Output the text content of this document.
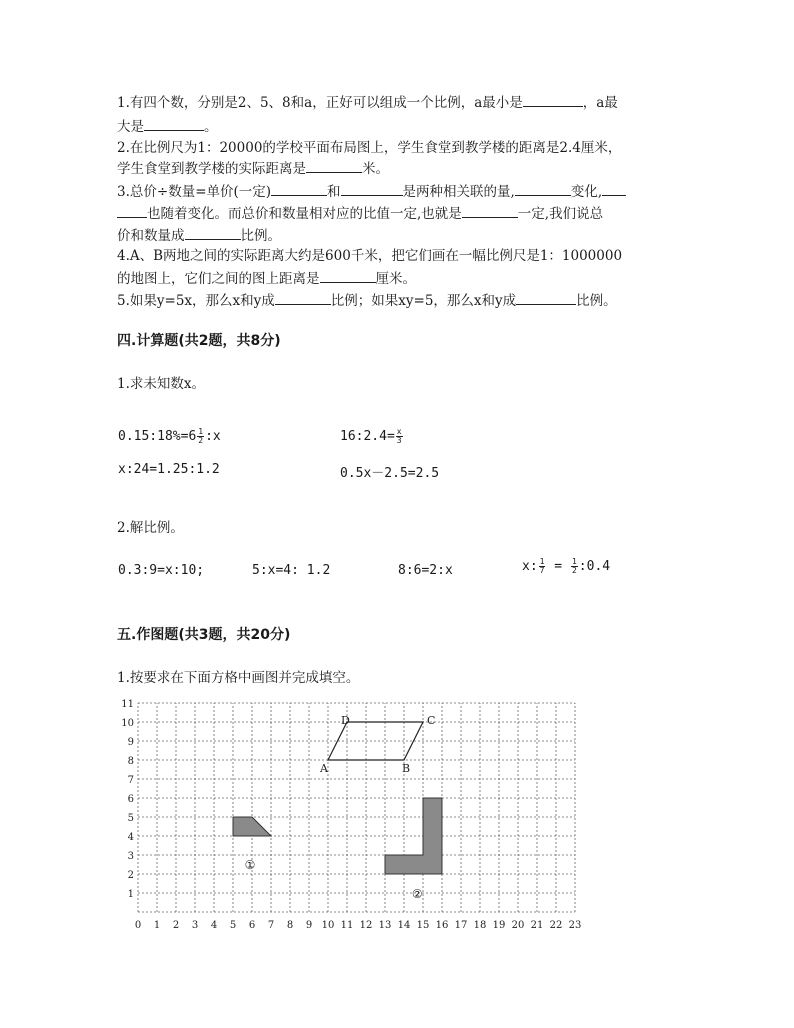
1.有四个数，分别是2、5、8和a，正好可以组成一个比例，a最小是	，a最
大是	。
2.在比例尺为1：20000的学校平面布局图上，学生食堂到教学楼的距离是2.4厘米，
学生食堂到教学楼的实际距离是	米。
3.总价÷数量=单价(一定)	和	是两种相关联的量,	变化,
也随着变化。而总价和数量相对应的比值一定,也就是	一定,我们说总
价和数量成	比例。
4.A、B两地之间的实际距离大约是600千米，把它们画在一幅比例尺是1：1000000
的地图上，它们之间的图上距离是	厘米。
5.如果y=5x，那么x和y成	比例；如果xy=5，那么x和y成	比例。
四.计算题(共2题，共8分)
1.求未知数x。
0.15:18%=6 $\frac{1}{2}$ :x	16:2.4= $\frac{x}{3}$
x:24=1.25:1.2	0.5x－2.5=2.5
2.解比例。
0.3:9=x:10;	5:x=4: 1.2	8:6=2:x	x: $\frac{1}{7} = \frac{1}{2}$ :0.4
五.作图题(共3题，共20分)
1.按要求在下面方格中画图并完成填空。
0 1 2 3 4 5 6 7 8 9 10 11 12 13 14 15 16 17 18 19 20 21 22 23
1
2
3
4
5
6
7
8
9
10
11
A	B
C
D
①
②
